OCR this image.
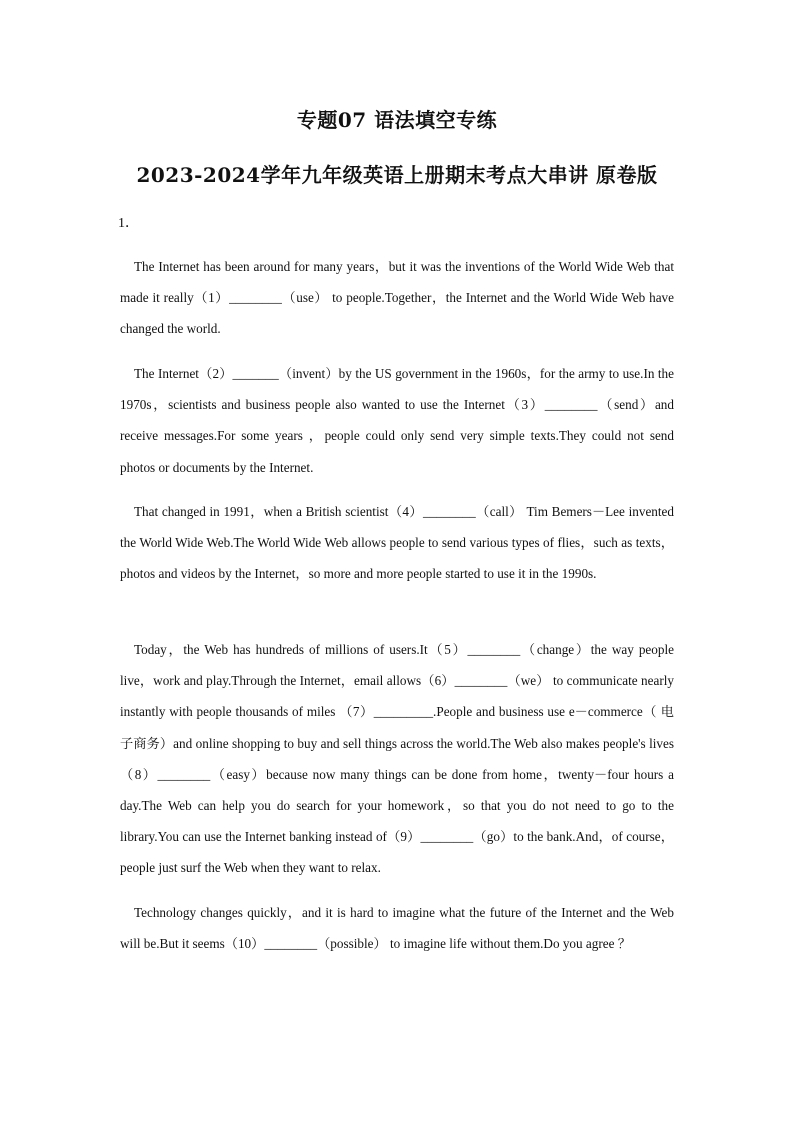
专题07 语法填空专练
2023-2024学年九年级英语上册期末考点大串讲 原卷版
1．

The Internet has been around for many years，but it was the inventions of the World Wide Web that made it really（1）________（use） to people.Together，the Internet and the World Wide Web have changed the world.

The Internet（2）_______（invent）by the US government in the 1960s，for the army to use.In the 1970s，scientists and business people also wanted to use the Internet（3）________（send）and receive messages.For some years ，people could only send very simple texts.They could not send photos or documents by the Internet.

That changed in 1991，when a British scientist（4）________（call） Tim Bemers－Lee invented the World Wide Web.The World Wide Web allows people to send various types of flies，such as texts，photos and videos by the Internet，so more and more people started to use it in the 1990s.

Today，the Web has hundreds of millions of users.It（5）________（change）the way people live，work and play.Through the Internet，email allows（6）________（we） to communicate nearly instantly with people thousands of miles （7）_________.People and business use e－commerce（ 电子商务）and online shopping to buy and sell things across the world.The Web also makes people's lives（8）________（easy）because now many things can be done from home，twenty－four hours a day.The Web can help you do search for your homework，so that you do not need to go to the library.You can use the Internet banking instead of（9）________（go）to the bank.And，of course，people just surf the Web when they want to relax.

Technology changes quickly，and it is hard to imagine what the future of the Internet and the Web will be.But it seems（10）________（possible） to imagine life without them.Do you agree ？
